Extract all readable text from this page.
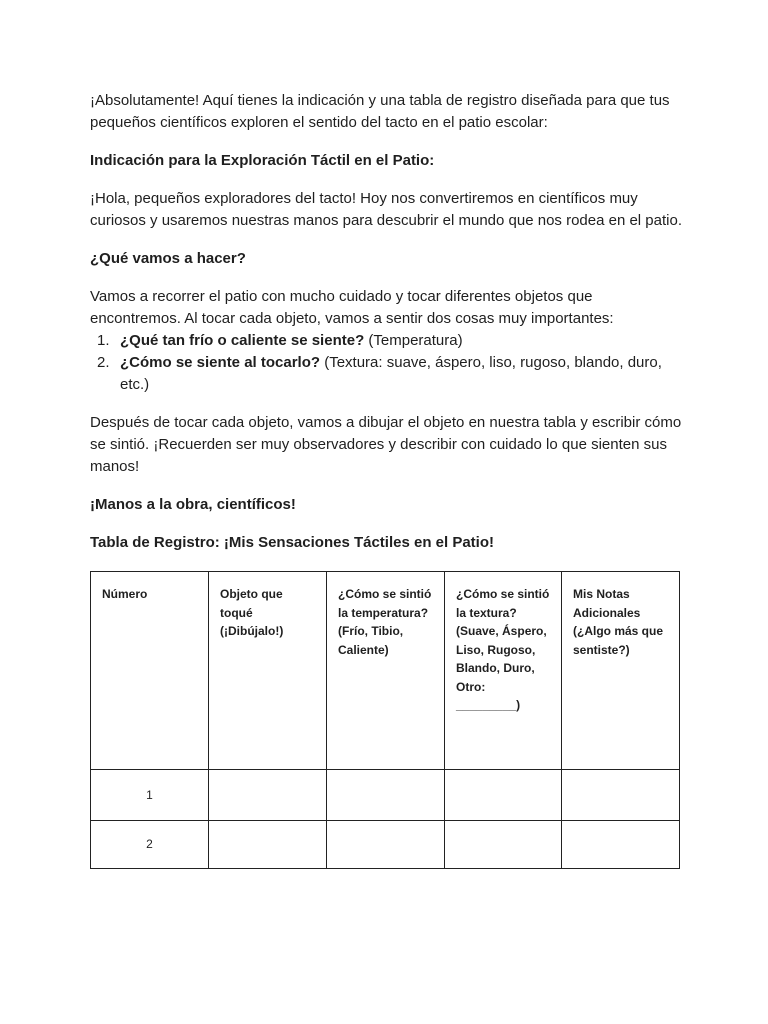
¡Absolutamente! Aquí tienes la indicación y una tabla de registro diseñada para que tus pequeños científicos exploren el sentido del tacto en el patio escolar:

Indicación para la Exploración Táctil en el Patio:

¡Hola, pequeños exploradores del tacto! Hoy nos convertiremos en científicos muy curiosos y usaremos nuestras manos para descubrir el mundo que nos rodea en el patio.

¿Qué vamos a hacer?

Vamos a recorrer el patio con mucho cuidado y tocar diferentes objetos que encontremos. Al tocar cada objeto, vamos a sentir dos cosas muy importantes:

1. ¿Qué tan frío o caliente se siente? (Temperatura)
2. ¿Cómo se siente al tocarlo? (Textura: suave, áspero, liso, rugoso, blando, duro, etc.)

Después de tocar cada objeto, vamos a dibujar el objeto en nuestra tabla y escribir cómo se sintió. ¡Recuerden ser muy observadores y describir con cuidado lo que sienten sus manos!

¡Manos a la obra, científicos!

Tabla de Registro: ¡Mis Sensaciones Táctiles en el Patio!

Número	Objeto que toqué (¡Dibújalo!)	¿Cómo se sintió la temperatura? (Frío, Tibio, Caliente)	¿Cómo se sintió la textura? (Suave, Áspero, Liso, Rugoso, Blando, Duro, Otro: _________)	Mis Notas Adicionales (¿Algo más que sentiste?)
1				
2				
